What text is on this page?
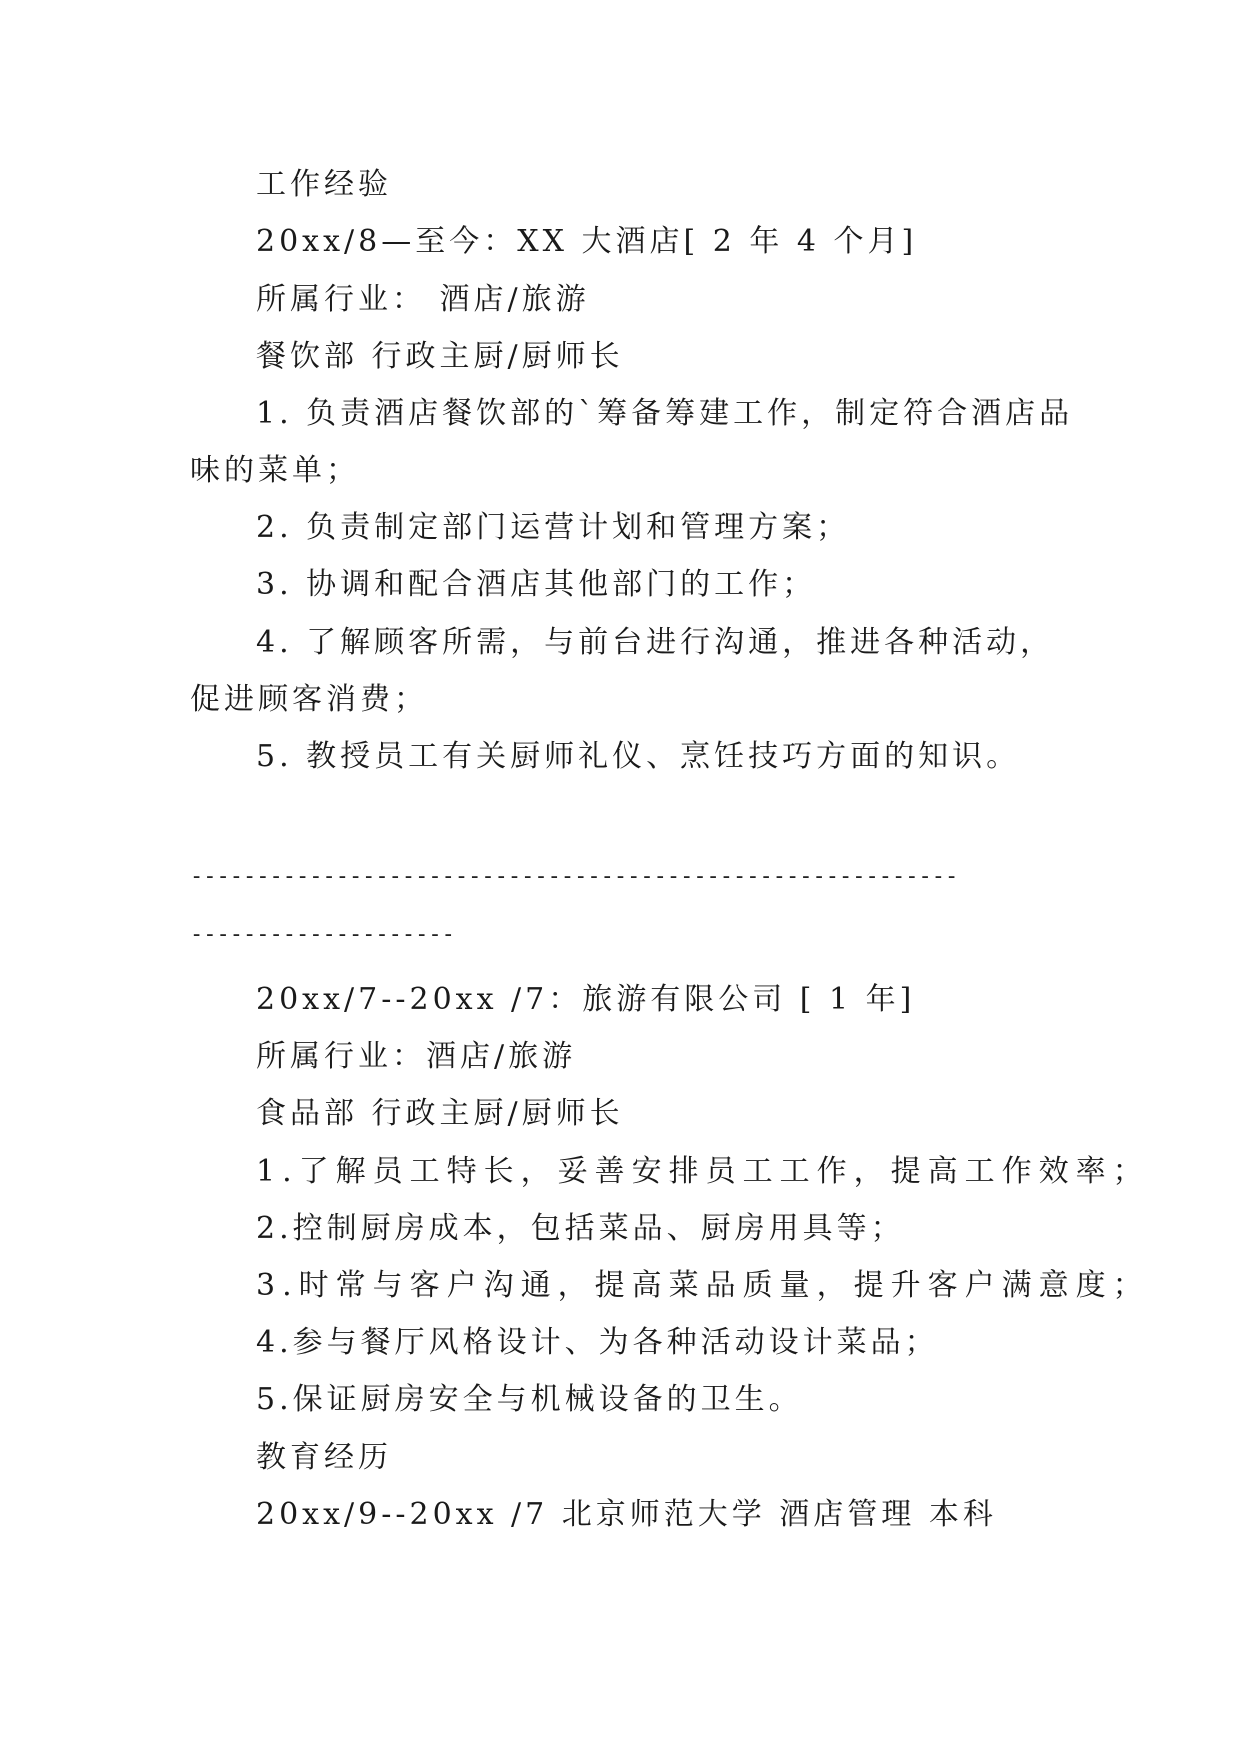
工作经验
20xx/8—至今：XX 大酒店[ 2 年 4 个月]
所属行业： 酒店/旅游
餐饮部 行政主厨/厨师长
1. 负责酒店餐饮部的`筹备筹建工作，制定符合酒店品
味的菜单；
2. 负责制定部门运营计划和管理方案；
3. 协调和配合酒店其他部门的工作；
4. 了解顾客所需，与前台进行沟通，推进各种活动，
促进顾客消费；
5. 教授员工有关厨师礼仪、烹饪技巧方面的知识。
----------------------------------------------------------
--------------------
20xx/7--20xx /7：旅游有限公司 [ 1 年]
所属行业：酒店/旅游
食品部 行政主厨/厨师长
1.了解员工特长，妥善安排员工工作，提高工作效率；
2.控制厨房成本，包括菜品、厨房用具等；
3.时常与客户沟通，提高菜品质量，提升客户满意度；
4.参与餐厅风格设计、为各种活动设计菜品；
5.保证厨房安全与机械设备的卫生。
教育经历
20xx/9--20xx /7 北京师范大学 酒店管理 本科
